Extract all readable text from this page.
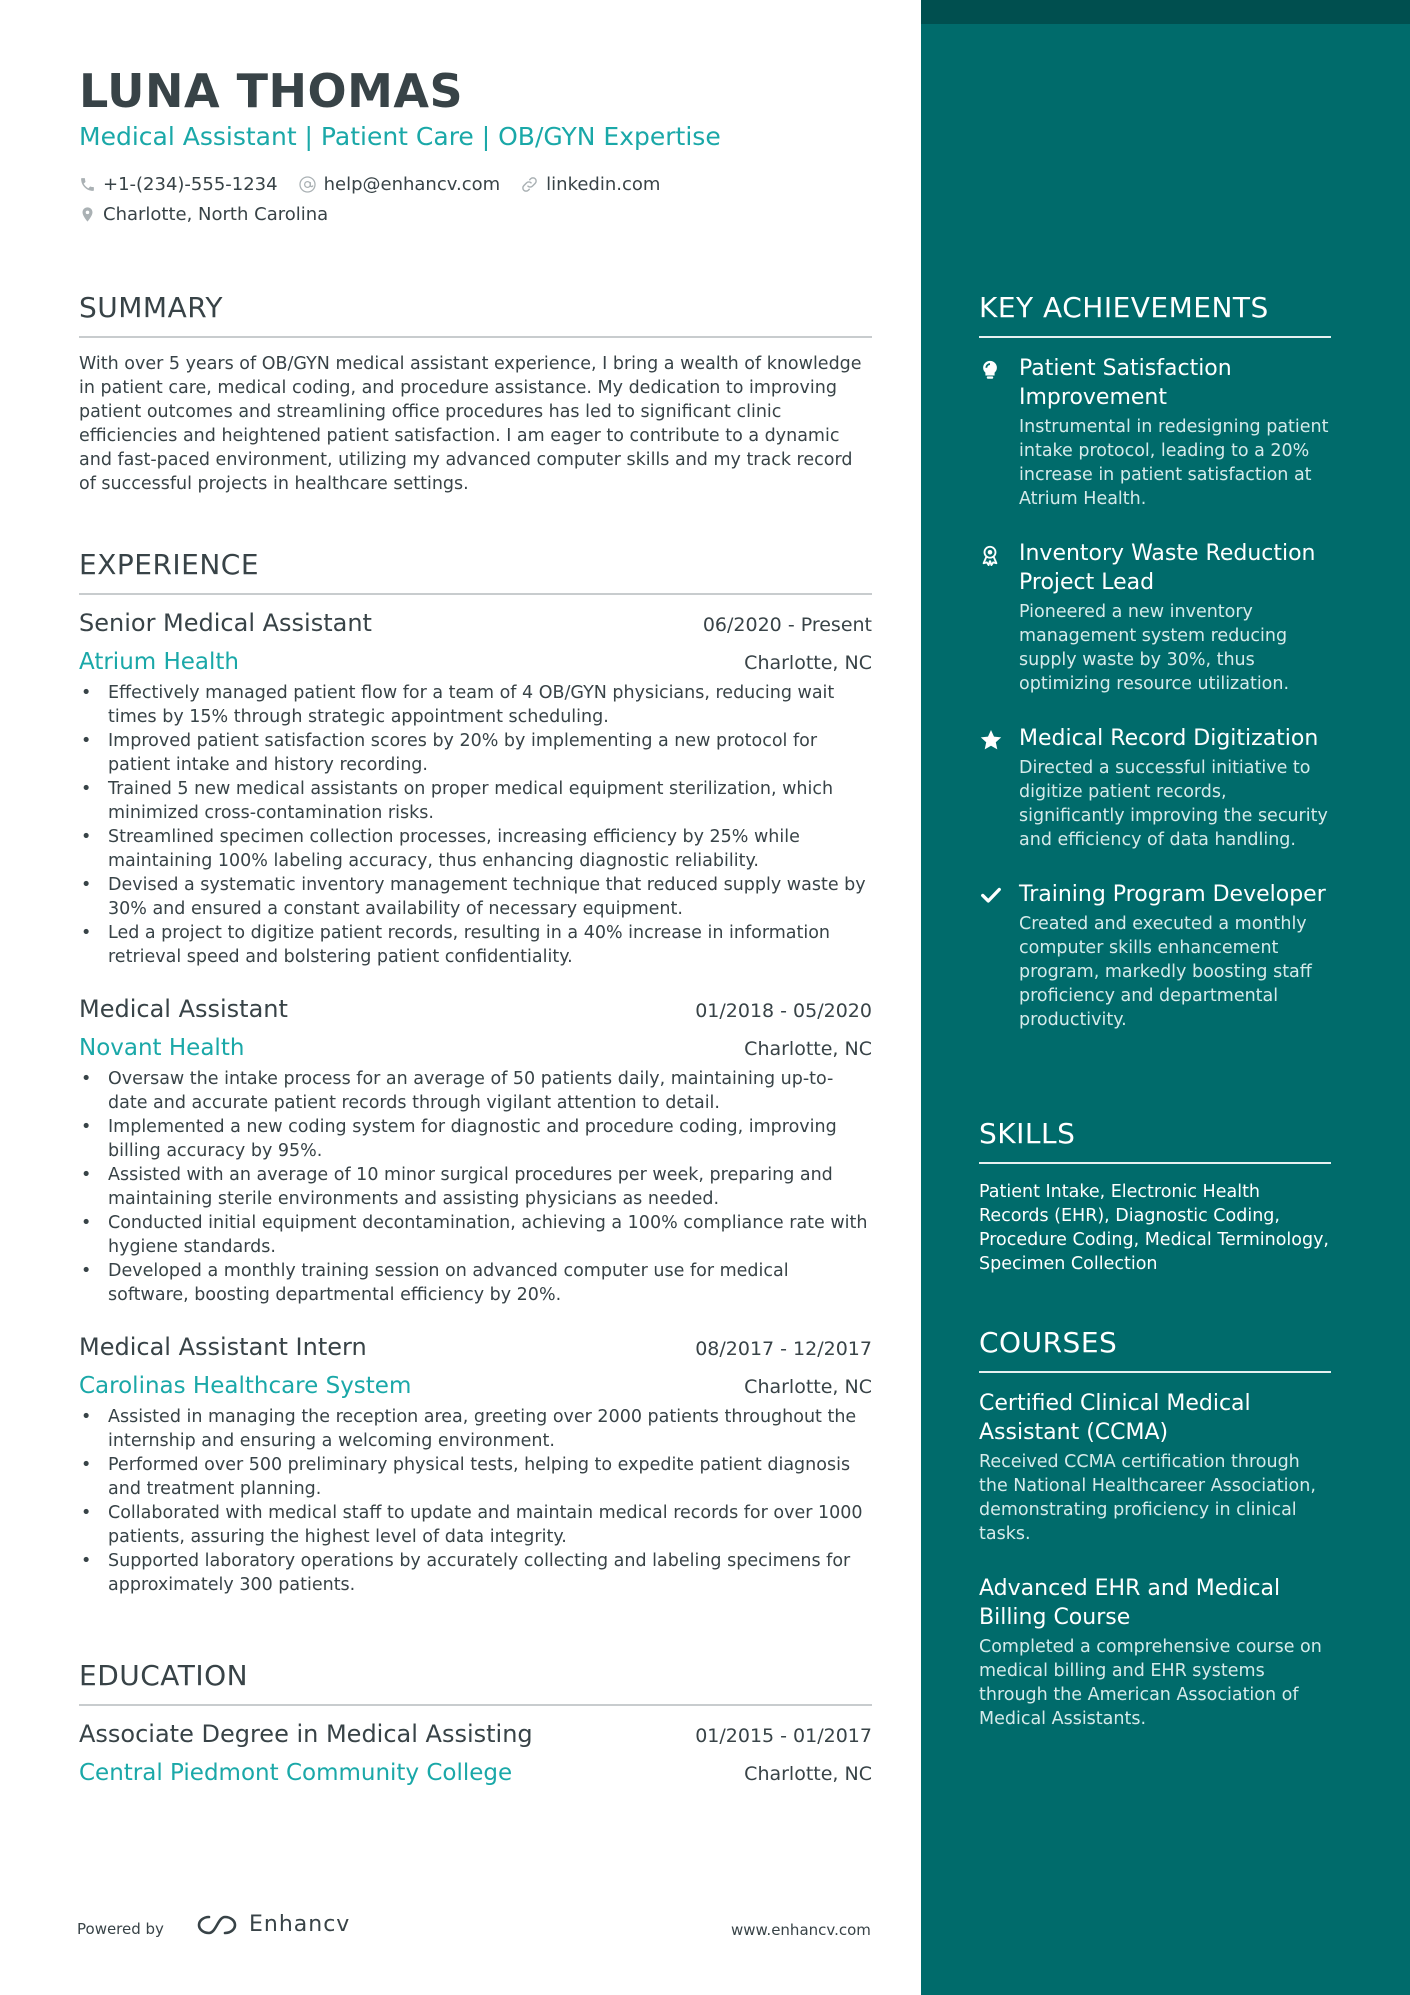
LUNA THOMAS
Medical Assistant | Patient Care | OB/GYN Expertise
+1-(234)-555-1234	help@enhancv.com	linkedin.com
Charlotte, North Carolina
SUMMARY

With over 5 years of OB/GYN medical assistant experience, I bring a wealth of knowledge in patient care, medical coding, and procedure assistance. My dedication to improving patient outcomes and streamlining office procedures has led to significant clinic efficiencies and heightened patient satisfaction. I am eager to contribute to a dynamic and fast-paced environment, utilizing my advanced computer skills and my track record of successful projects in healthcare settings.

EXPERIENCE
Senior Medical Assistant	06/2020 - Present
Atrium Health	Charlotte, NC
• Effectively managed patient flow for a team of 4 OB/GYN physicians, reducing wait times by 15% through strategic appointment scheduling.
• Improved patient satisfaction scores by 20% by implementing a new protocol for patient intake and history recording.
• Trained 5 new medical assistants on proper medical equipment sterilization, which minimized cross-contamination risks.
• Streamlined specimen collection processes, increasing efficiency by 25% while maintaining 100% labeling accuracy, thus enhancing diagnostic reliability.
• Devised a systematic inventory management technique that reduced supply waste by 30% and ensured a constant availability of necessary equipment.
• Led a project to digitize patient records, resulting in a 40% increase in information retrieval speed and bolstering patient confidentiality.
Medical Assistant	01/2018 - 05/2020
Novant Health	Charlotte, NC
• Oversaw the intake process for an average of 50 patients daily, maintaining up-to-date and accurate patient records through vigilant attention to detail.
• Implemented a new coding system for diagnostic and procedure coding, improving billing accuracy by 95%.
• Assisted with an average of 10 minor surgical procedures per week, preparing and maintaining sterile environments and assisting physicians as needed.
• Conducted initial equipment decontamination, achieving a 100% compliance rate with hygiene standards.
• Developed a monthly training session on advanced computer use for medical software, boosting departmental efficiency by 20%.
Medical Assistant Intern	08/2017 - 12/2017
Carolinas Healthcare System	Charlotte, NC
• Assisted in managing the reception area, greeting over 2000 patients throughout the internship and ensuring a welcoming environment.
• Performed over 500 preliminary physical tests, helping to expedite patient diagnosis and treatment planning.
• Collaborated with medical staff to update and maintain medical records for over 1000 patients, assuring the highest level of data integrity.
• Supported laboratory operations by accurately collecting and labeling specimens for approximately 300 patients.
EDUCATION
Associate Degree in Medical Assisting	01/2015 - 01/2017
Central Piedmont Community College	Charlotte, NC
KEY ACHIEVEMENTS
Patient Satisfaction Improvement
Instrumental in redesigning patient intake protocol, leading to a 20% increase in patient satisfaction at Atrium Health.
Inventory Waste Reduction Project Lead
Pioneered a new inventory management system reducing supply waste by 30%, thus optimizing resource utilization.
Medical Record Digitization
Directed a successful initiative to digitize patient records, significantly improving the security and efficiency of data handling.
Training Program Developer
Created and executed a monthly computer skills enhancement program, markedly boosting staff proficiency and departmental productivity.
SKILLS

Patient Intake, Electronic Health Records (EHR), Diagnostic Coding, Procedure Coding, Medical Terminology, Specimen Collection

COURSES
Certified Clinical Medical Assistant (CCMA)
Received CCMA certification through the National Healthcareer Association, demonstrating proficiency in clinical tasks.
Advanced EHR and Medical Billing Course
Completed a comprehensive course on medical billing and EHR systems through the American Association of Medical Assistants.
Powered by	Enhancv	www.enhancv.com
